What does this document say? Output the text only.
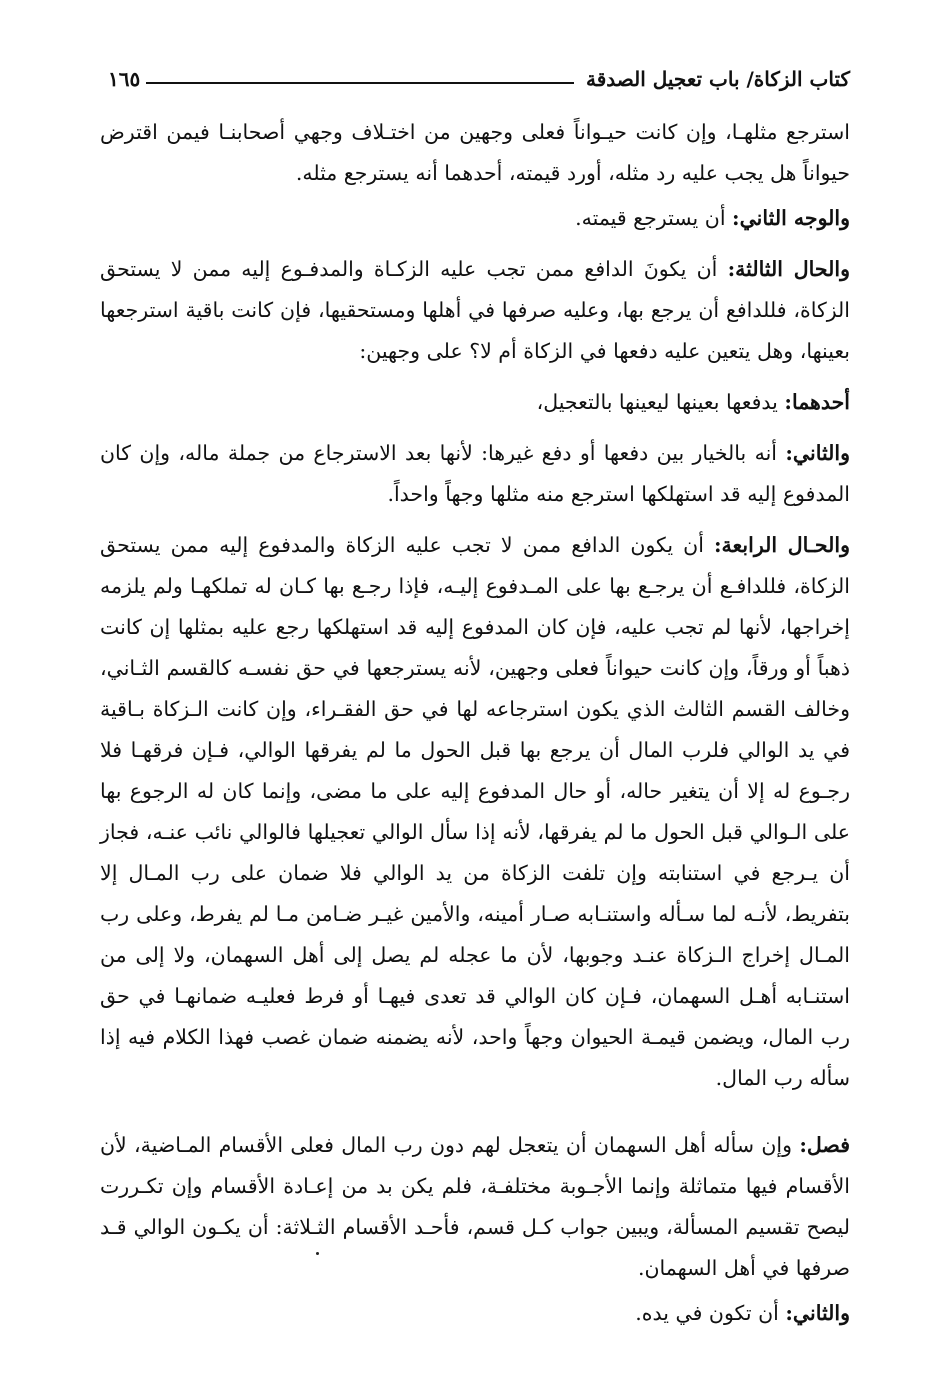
كتاب الزكاة/ باب تعجيل الصدقة
١٦٥

استرجع مثلهـا، وإن كانت حيـواناً فعلى وجهين من اختـلاف وجهي أصحابنـا فيمن اقترض حيواناً هل يجب عليه رد مثله، أورد قيمته، أحدهما أنه يسترجع مثله.

والوجه الثاني: أن يسترجع قيمته.

والحال الثالثة: أن يكونَ الدافع ممن تجب عليه الزكـاة والمدفـوع إليه ممن لا يستحق الزكاة، فللدافع أن يرجع بها، وعليه صرفها في أهلها ومستحقيها، فإن كانت باقية استرجعها بعينها، وهل يتعين عليه دفعها في الزكاة أم لا؟ على وجهين:

أحدهما: يدفعها بعينها ليعينها بالتعجيل،

والثاني: أنه بالخيار بين دفعها أو دفع غيرها: لأنها بعد الاسترجاع من جملة ماله، وإن كان المدفوع إليه قد استهلكها استرجع منه مثلها وجهاً واحداً.

والحـال الرابعة: أن يكون الدافع ممن لا تجب عليه الزكاة والمدفوع إليه ممن يستحق الزكاة، فللدافـع أن يرجـع بها على المـدفوع إليـه، فإذا رجـع بها كـان له تملكهـا ولم يلزمه إخراجها، لأنها لم تجب عليه، فإن كان المدفوع إليه قد استهلكها رجع عليه بمثلها إن كانت ذهباً أو ورقاً، وإن كانت حيواناً فعلى وجهين، لأنه يسترجعها في حق نفسـه كالقسم الثـاني، وخالف القسم الثالث الذي يكون استرجاعه لها في حق الفقـراء، وإن كانت الـزكاة بـاقية في يد الوالي فلرب المال أن يرجع بها قبل الحول ما لم يفرقها الوالي، فـإن فرقهـا فلا رجـوع له إلا أن يتغير حاله، أو حال المدفوع إليه على ما مضى، وإنما كان له الرجوع بها على الـوالي قبل الحول ما لم يفرقها، لأنه إذا سأل الوالي تعجيلها فالوالي نائب عنـه، فجاز أن يـرجع في استنابته وإن تلفت الزكاة من يد الوالي فلا ضمان على رب المـال إلا بتفريط، لأنـه لما سـأله واستنـابه صـار أمينه، والأمين غيـر ضـامن مـا لم يفرط، وعلى رب المـال إخراج الـزكاة عنـد وجوبها، لأن ما عجله لم يصل إلى أهل السهمان، ولا إلى من استنـابه أهـل السهمان، فـإن كان الوالي قد تعدى فيهـا أو فرط فعليـه ضمانهـا في حق رب المال، ويضمن قيمـة الحيوان وجهاً واحد، لأنه يضمنه ضمان غصب فهذا الكلام فيه إذا سأله رب المال.

فصل: وإن سأله أهل السهمان أن يتعجل لهم دون رب المال فعلى الأقسام المـاضية، لأن الأقسام فيها متماثلة وإنما الأجـوبة مختلفـة، فلم يكن بد من إعـادة الأقسام وإن تكـررت ليصح تقسيم المسألة، ويبين جواب كـل قسم، فأحـد الأقسام الثـلاثة: أن يكـون الوالي قـد صرفها في أهل السهمان.

والثاني: أن تكون في يده.
